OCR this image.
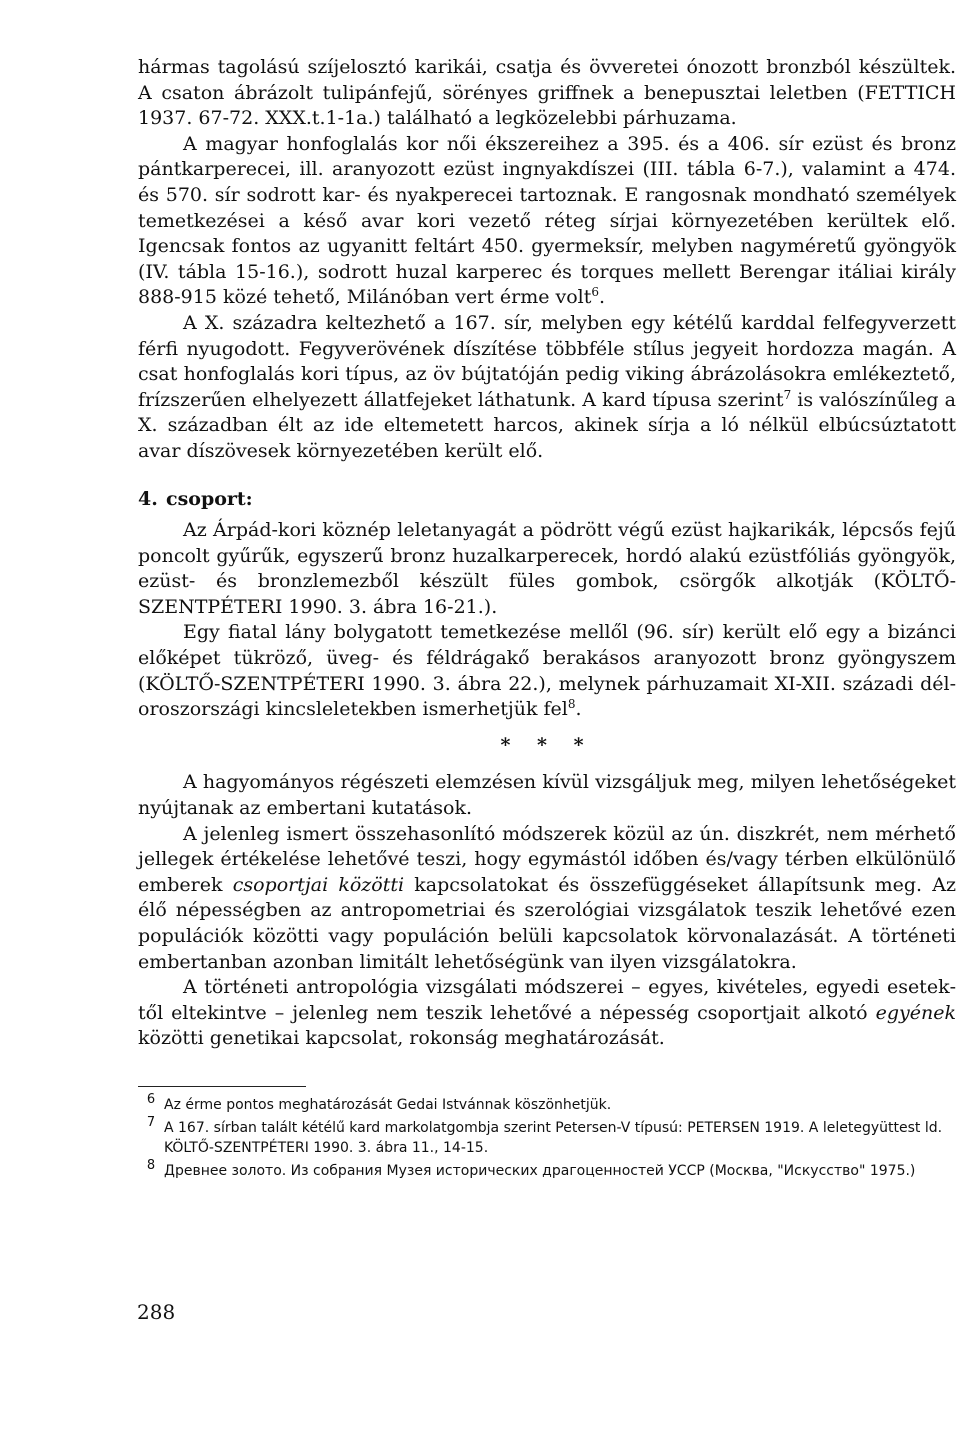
hármas tagolású szíjelosztó karikái, csatja és övveretei ónozott bronzból készültek. A csaton ábrázolt tulipánfejű, sörényes griffnek a benepusztai leletben (FETTICH 1937. 67-72. XXX.t.1-1a.) található a legközelebbi párhuzama.

A magyar honfoglalás kor női ékszereihez a 395. és a 406. sír ezüst és bronz pántkarperecei, ill. aranyozott ezüst ingnyakdíszei (III. tábla 6-7.), valamint a 474. és 570. sír sodrott kar- és nyakperecei tartoznak. E rangosnak mondható személyek temetkezései a késő avar kori vezető réteg sírjai környezetében kerültek elő. Igencsak fontos az ugyanitt feltárt 450. gyermeksír, melyben nagyméretű gyöngyök (IV. tábla 15-16.), sodrott huzal karperec és torques mellett Berengar itáliai király 888-915 közé tehető, Milánóban vert érme volt$^6$.

A X. századra keltezhető a 167. sír, melyben egy kétélű karddal felfegyverzett férfi nyugodott. Fegyverövének díszítése többféle stílus jegyeit hordozza magán. A csat honfoglalás kori típus, az öv bújtatóján pedig viking ábrázolásokra emlékeztető, frízszerűen elhelyezett állatfejeket láthatunk. A kard típusa szerint$^7$ is valószínűleg a X. században élt az ide eltemetett harcos, akinek sírja a ló nélkül elbúcsúztatott avar díszövesek környezetében került elő.

4. csoport:

Az Árpád-kori köznép leletanyagát a pödrött végű ezüst hajkarikák, lépcsős fejű poncolt gyűrűk, egyszerű bronz huzalkarperecek, hordó alakú ezüstfóliás gyöngyök, ezüst- és bronzlemezből készült füles gombok, csörgők alkotják (KÖLTŐ-SZENTPÉTERI 1990. 3. ábra 16-21.).

Egy fiatal lány bolygatott temetkezése mellől (96. sír) került elő egy a bizánci előképet tükröző, üveg- és féldrágakő berakásos aranyozott bronz gyöngyszem (KÖLTŐ-SZENTPÉTERI 1990. 3. ábra 22.), melynek párhuzamait XI-XII. századi dél-oroszországi kincsleletekben ismerhetjük fel$^8$.

* * *

A hagyományos régészeti elemzésen kívül vizsgáljuk meg, milyen lehetőségeket nyújtanak az embertani kutatások.

A jelenleg ismert összehasonlító módszerek közül az ún. diszkrét, nem mérhető jellegek értékelése lehetővé teszi, hogy egymástól időben és/vagy térben elkülönülő emberek csoportjai közötti kapcsolatokat és összefüggéseket állapítsunk meg. Az élő népességben az antropometriai és szerológiai vizsgálatok teszik lehetővé ezen populációk közötti vagy populáción belüli kapcsolatok körvonalazását. A történeti embertanban azonban limitált lehetőségünk van ilyen vizsgálatokra.

A történeti antropológia vizsgálati módszerei – egyes, kivételes, egyedi esetektől eltekintve – jelenleg nem teszik lehetővé a népesség csoportjait alkotó egyének közötti genetikai kapcsolat, rokonság meghatározását.

6 Az érme pontos meghatározását Gedai Istvánnak köszönhetjük.
7 A 167. sírban talált kétélű kard markolatgombja szerint Petersen-V típusú: PETERSEN 1919. A leletegyüttest ld. KÖLTŐ-SZENTPÉTERI 1990. 3. ábra 11., 14-15.
8 Древнее золото. Из собрания Музея исторических драгоценностей УССР (Москва, "Искусство" 1975.)
288
